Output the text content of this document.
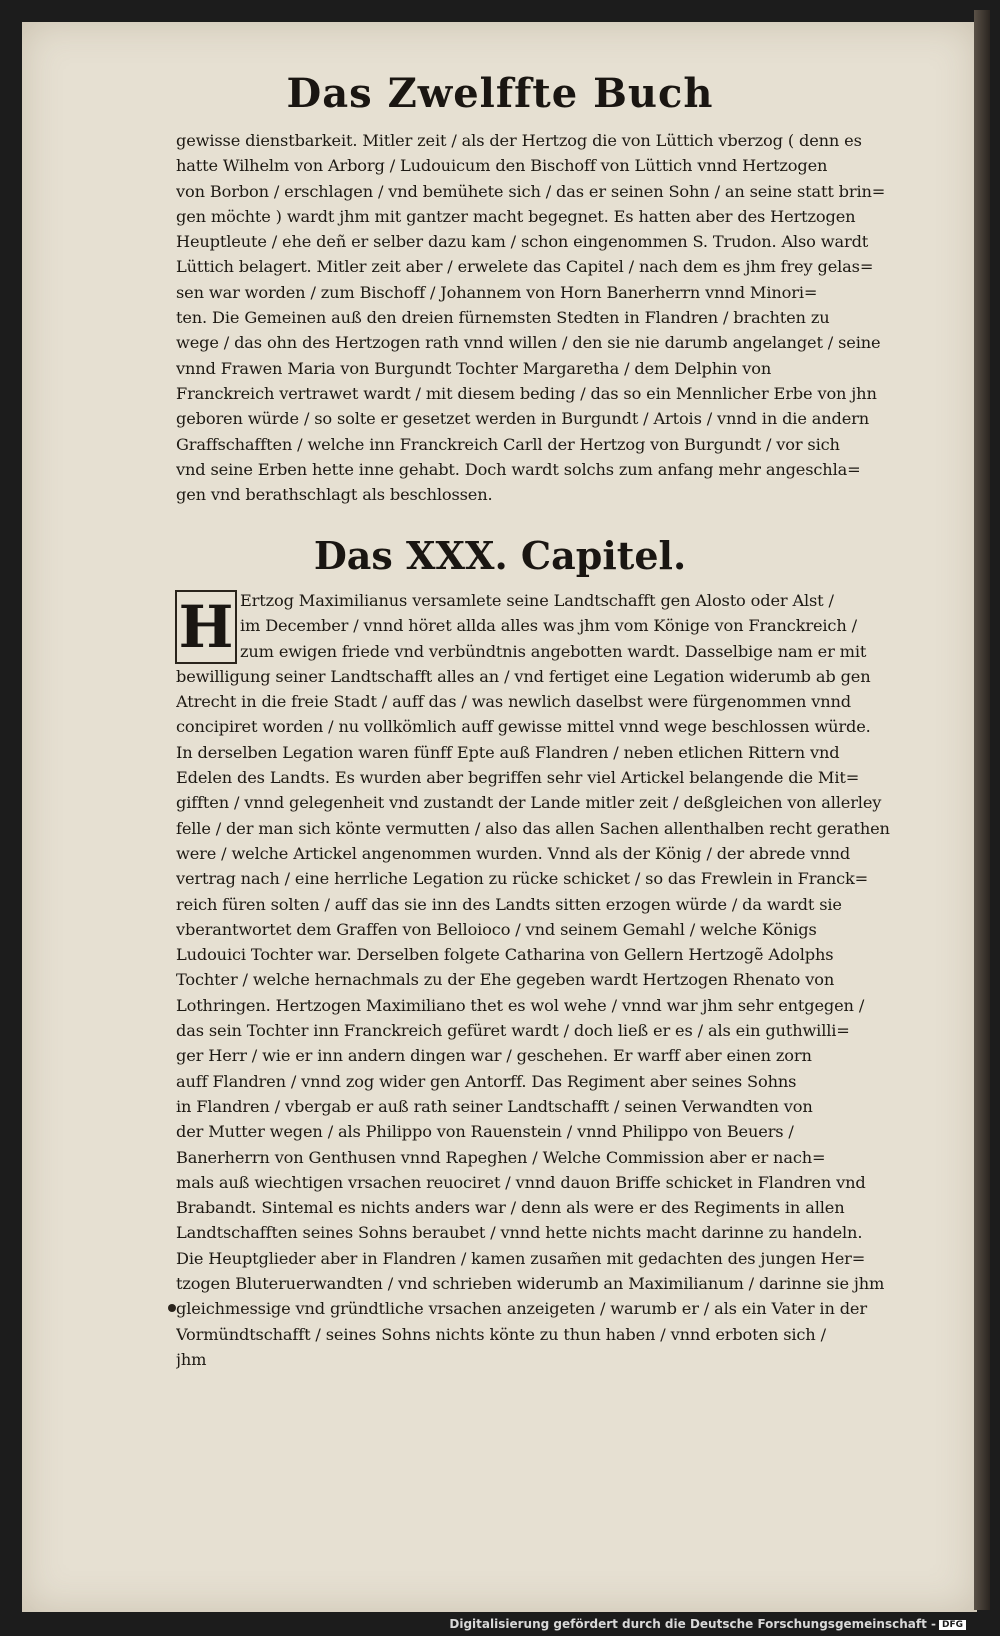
Das Zwelffte Buch
gewisse dienstbarkeit. Mitler zeit / als der Hertzog die von Lüttich vberzog ( denn es
hatte Wilhelm von Arborg / Ludouicum den Bischoff von Lüttich vnnd Hertzogen
von Borbon / erschlagen / vnd bemühete sich / das er seinen Sohn / an seine statt brin=
gen möchte ) wardt jhm mit gantzer macht begegnet. Es hatten aber des Hertzogen
Heuptleute / ehe deñ er selber dazu kam / schon eingenommen S. Trudon. Also wardt
Lüttich belagert. Mitler zeit aber / erwelete das Capitel / nach dem es jhm frey gelas=
sen war worden / zum Bischoff / Johannem von Horn Banerherrn vnnd Minori=
ten. Die Gemeinen auß den dreien fürnemsten Stedten in Flandren / brachten zu
wege / das ohn des Hertzogen rath vnnd willen / den sie nie darumb angelanget / seine
vnnd Frawen Maria von Burgundt Tochter Margaretha / dem Delphin von
Franckreich vertrawet wardt / mit diesem beding / das so ein Mennlicher Erbe von jhn
geboren würde / so solte er gesetzet werden in Burgundt / Artois / vnnd in die andern
Graffschafften / welche inn Franckreich Carll der Hertzog von Burgundt / vor sich
vnd seine Erben hette inne gehabt. Doch wardt solchs zum anfang mehr angeschla=
gen vnd berathschlagt als beschlossen.
Das XXX. Capitel.
H Ertzog Maximilianus versamlete seine Landtschafft gen Alosto oder Alst /
im December / vnnd höret allda alles was jhm vom Könige von Franckreich /
zum ewigen friede vnd verbündtnis angebotten wardt. Dasselbige nam er mit
bewilligung seiner Landtschafft alles an / vnd fertiget eine Legation widerumb ab gen
Atrecht in die freie Stadt / auff das / was newlich daselbst were fürgenommen vnnd
concipiret worden / nu vollkömlich auff gewisse mittel vnnd wege beschlossen würde.
In derselben Legation waren fünff Epte auß Flandren / neben etlichen Rittern vnd
Edelen des Landts. Es wurden aber begriffen sehr viel Artickel belangende die Mit=
gifften / vnnd gelegenheit vnd zustandt der Lande mitler zeit / deßgleichen von allerley
felle / der man sich könte vermutten / also das allen Sachen allenthalben recht gerathen
were / welche Artickel angenommen wurden. Vnnd als der König / der abrede vnnd
vertrag nach / eine herrliche Legation zu rücke schicket / so das Frewlein in Franck=
reich füren solten / auff das sie inn des Landts sitten erzogen würde / da wardt sie
vberantwortet dem Graffen von Belloioco / vnd seinem Gemahl / welche Königs
Ludouici Tochter war. Derselben folgete Catharina von Gellern Hertzogẽ Adolphs
Tochter / welche hernachmals zu der Ehe gegeben wardt Hertzogen Rhenato von
Lothringen. Hertzogen Maximiliano thet es wol wehe / vnnd war jhm sehr entgegen /
das sein Tochter inn Franckreich gefüret wardt / doch ließ er es / als ein guthwilli=
ger Herr / wie er inn andern dingen war / geschehen. Er warff aber einen zorn
auff Flandren / vnnd zog wider gen Antorff. Das Regiment aber seines Sohns
in Flandren / vbergab er auß rath seiner Landtschafft / seinen Verwandten von
der Mutter wegen / als Philippo von Rauenstein / vnnd Philippo von Beuers /
Banerherrn von Genthusen vnnd Rapeghen / Welche Commission aber er nach=
mals auß wiechtigen vrsachen reuociret / vnnd dauon Briffe schicket in Flandren vnd
Brabandt. Sintemal es nichts anders war / denn als were er des Regiments in allen
Landtschafften seines Sohns beraubet / vnnd hette nichts macht darinne zu handeln.
Die Heuptglieder aber in Flandren / kamen zusam̃en mit gedachten des jungen Her=
tzogen Bluteruerwandten / vnd schrieben widerumb an Maximilianum / darinne sie jhm
gleichmessige vnd gründtliche vrsachen anzeigeten / warumb er / als ein Vater in der
Vormündtschafft / seines Sohns nichts könte zu thun haben / vnnd erboten sich /
jhm
Digitalisierung gefördert durch die Deutsche Forschungsgemeinschaft - DFG
